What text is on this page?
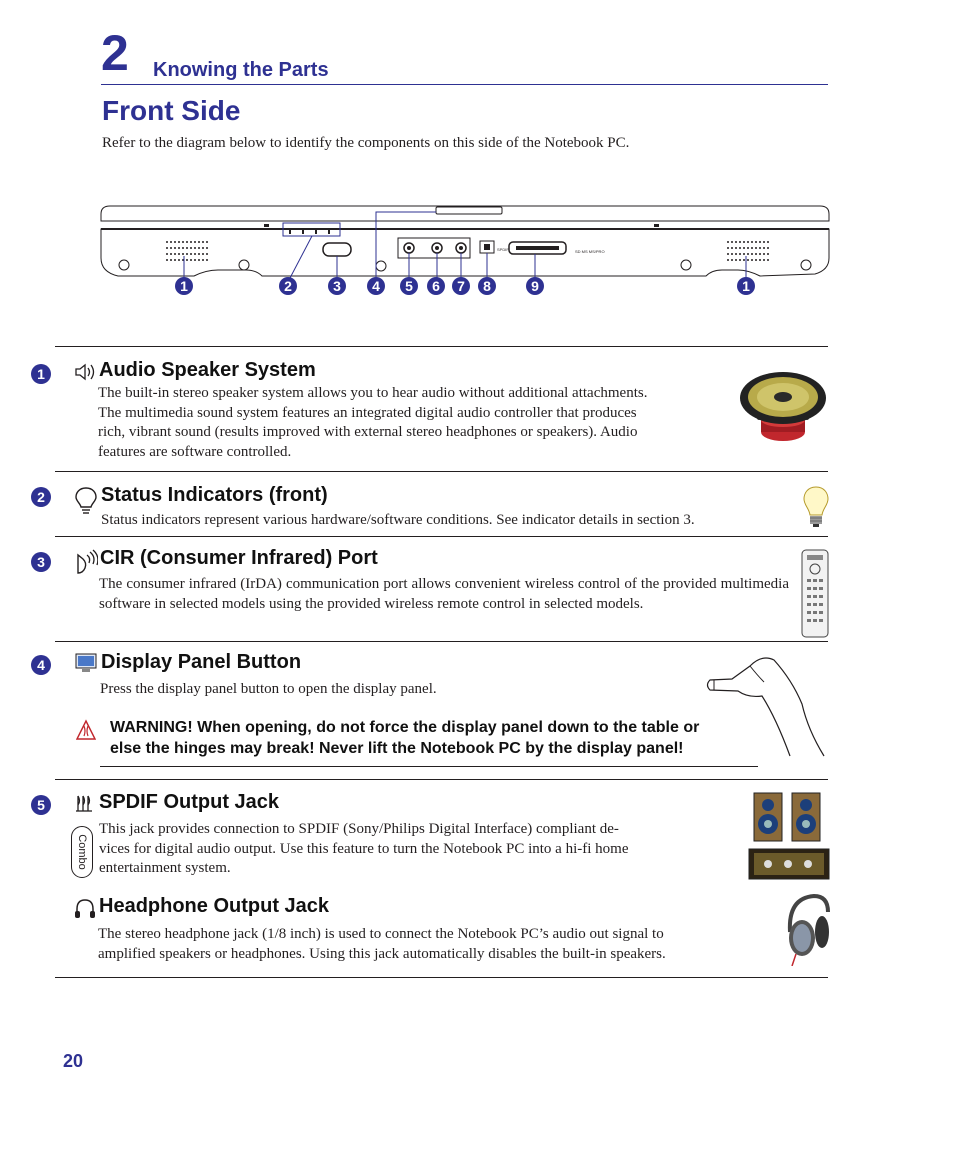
2 Knowing the Parts
Front Side
Refer to the diagram below to identify the components on this side of the Notebook PC.
SPDIF	SD MS MS/PRO
1	2	3 4 5 6 7 8	9	1
1
2
3
4
5
Audio Speaker System
The built-in stereo speaker system allows you to hear audio without additional attachments.
The multimedia sound system features an integrated digital audio controller that produces
rich, vibrant sound (results improved with external stereo headphones or speakers). Audio
features are software controlled.
Status Indicators (front)
Status indicators represent various hardware/software conditions. See indicator details in section 3.
CIR (Consumer Infrared) Port
The consumer infrared (IrDA) communication port allows convenient wireless control of the provided multimedia software in selected models using the provided wireless remote control in selected models.
Display Panel Button
Press the display panel button to open the display panel.
WARNING! When opening, do not force the display panel down to the table or
else the hinges may break! Never lift the Notebook PC by the display panel!
SPDIF Output Jack
Combo
This jack provides connection to SPDIF (Sony/Philips Digital Interface) compliant de-
vices for digital audio output. Use this feature to turn the Notebook PC into a hi-fi home
entertainment system.
Headphone Output Jack
The stereo headphone jack (1/8 inch) is used to connect the Notebook PC’s audio out signal to
amplified speakers or headphones. Using this jack automatically disables the built-in speakers.
20
